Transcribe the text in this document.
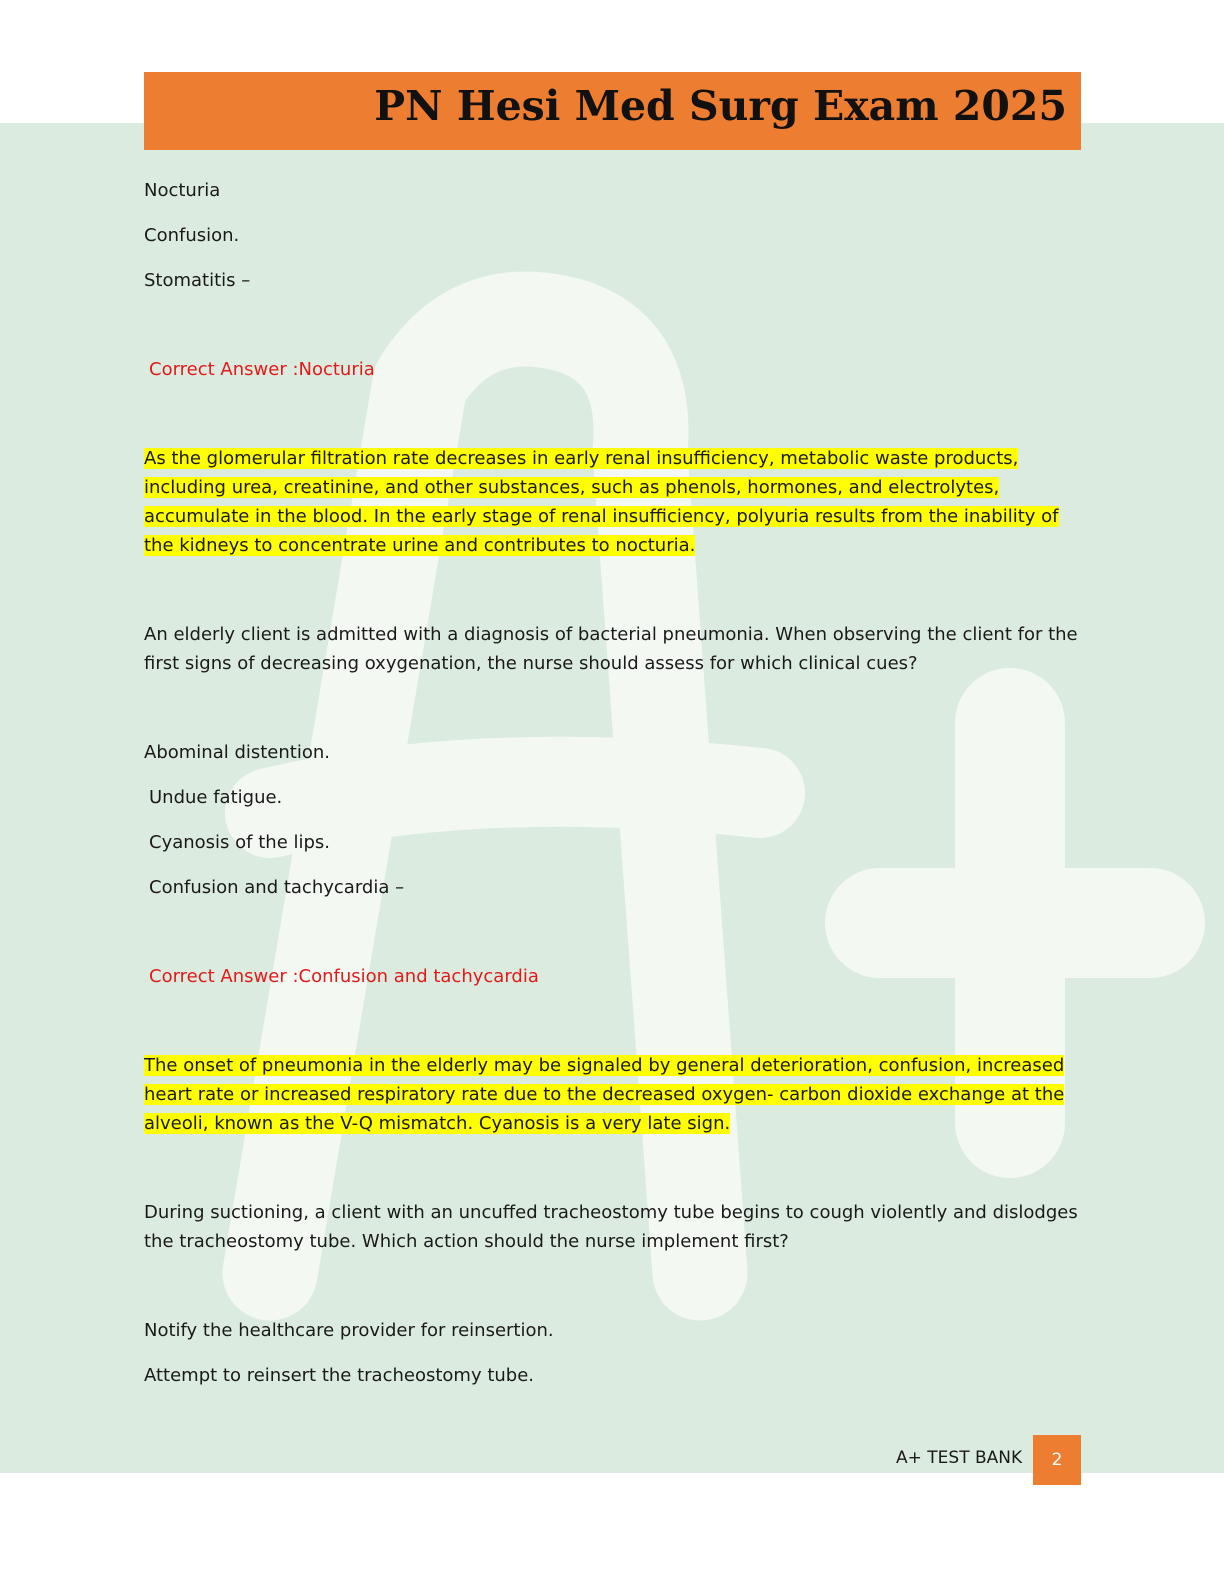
PN Hesi Med Surg Exam 2025

Nocturia

Confusion.

Stomatitis –

Correct Answer :Nocturia

As the glomerular filtration rate decreases in early renal insufficiency, metabolic waste products, including urea, creatinine, and other substances, such as phenols, hormones, and electrolytes, accumulate in the blood. In the early stage of renal insufficiency, polyuria results from the inability of the kidneys to concentrate urine and contributes to nocturia.

An elderly client is admitted with a diagnosis of bacterial pneumonia. When observing the client for the first signs of decreasing oxygenation, the nurse should assess for which clinical cues?

Abominal distention.

Undue fatigue.

Cyanosis of the lips.

Confusion and tachycardia –

Correct Answer :Confusion and tachycardia

The onset of pneumonia in the elderly may be signaled by general deterioration, confusion, increased heart rate or increased respiratory rate due to the decreased oxygen- carbon dioxide exchange at the alveoli, known as the V-Q mismatch. Cyanosis is a very late sign.

During suctioning, a client with an uncuffed tracheostomy tube begins to cough violently and dislodges the tracheostomy tube. Which action should the nurse implement first?

Notify the healthcare provider for reinsertion.

Attempt to reinsert the tracheostomy tube.

A+ TEST BANK	2
